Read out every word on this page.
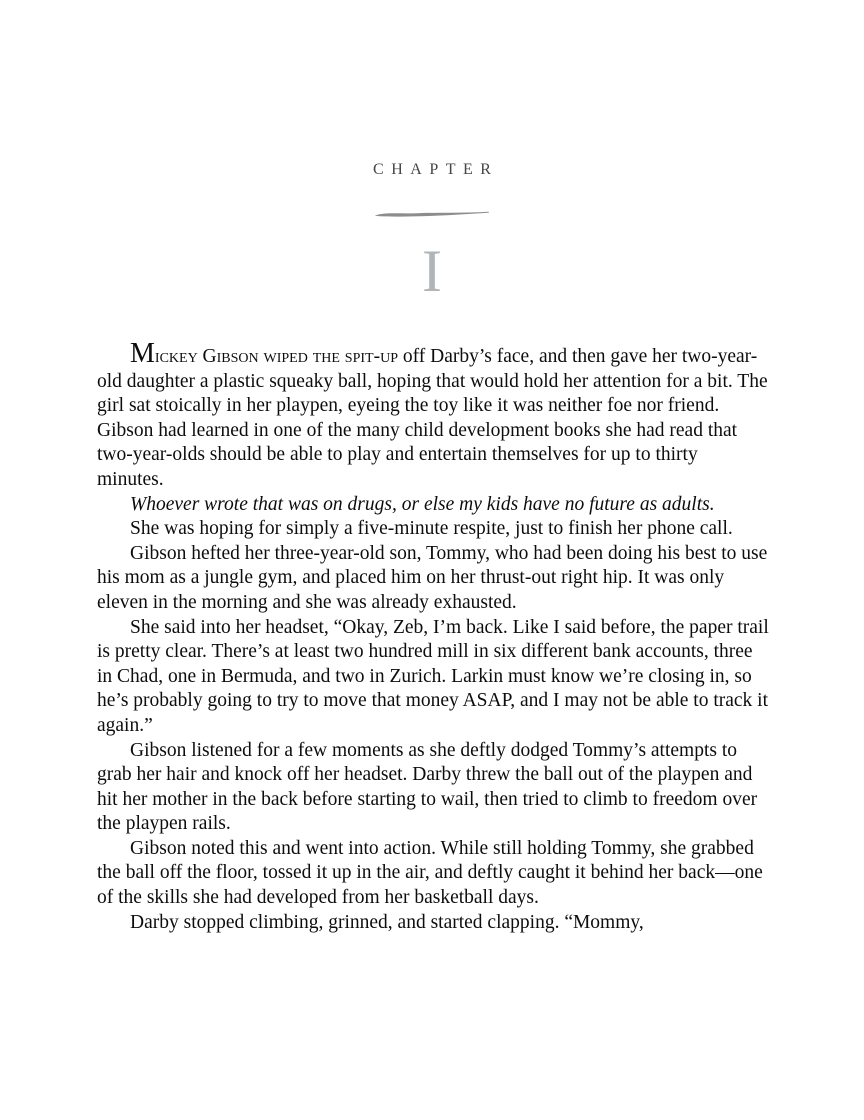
CHAPTER
I

Mickey Gibson wiped the spit-up off Darby’s face, and then gave her two-year-old daughter a plastic squeaky ball, hoping that would hold her attention for a bit. The girl sat stoically in her playpen, eyeing the toy like it was neither foe nor friend. Gibson had learned in one of the many child development books she had read that two-year-olds should be able to play and entertain themselves for up to thirty minutes.

Whoever wrote that was on drugs, or else my kids have no future as adults.

She was hoping for simply a five-minute respite, just to finish her phone call.

Gibson hefted her three-year-old son, Tommy, who had been doing his best to use his mom as a jungle gym, and placed him on her thrust-out right hip. It was only eleven in the morning and she was already exhausted.

She said into her headset, “Okay, Zeb, I’m back. Like I said before, the paper trail is pretty clear. There’s at least two hundred mill in six different bank accounts, three in Chad, one in Bermuda, and two in Zurich. Larkin must know we’re closing in, so he’s probably going to try to move that money ASAP, and I may not be able to track it again.”

Gibson listened for a few moments as she deftly dodged Tommy’s attempts to grab her hair and knock off her headset. Darby threw the ball out of the playpen and hit her mother in the back before starting to wail, then tried to climb to freedom over the playpen rails.

Gibson noted this and went into action. While still holding Tommy, she grabbed the ball off the floor, tossed it up in the air, and deftly caught it behind her back—one of the skills she had developed from her basketball days.

Darby stopped climbing, grinned, and started clapping. “Mommy,
